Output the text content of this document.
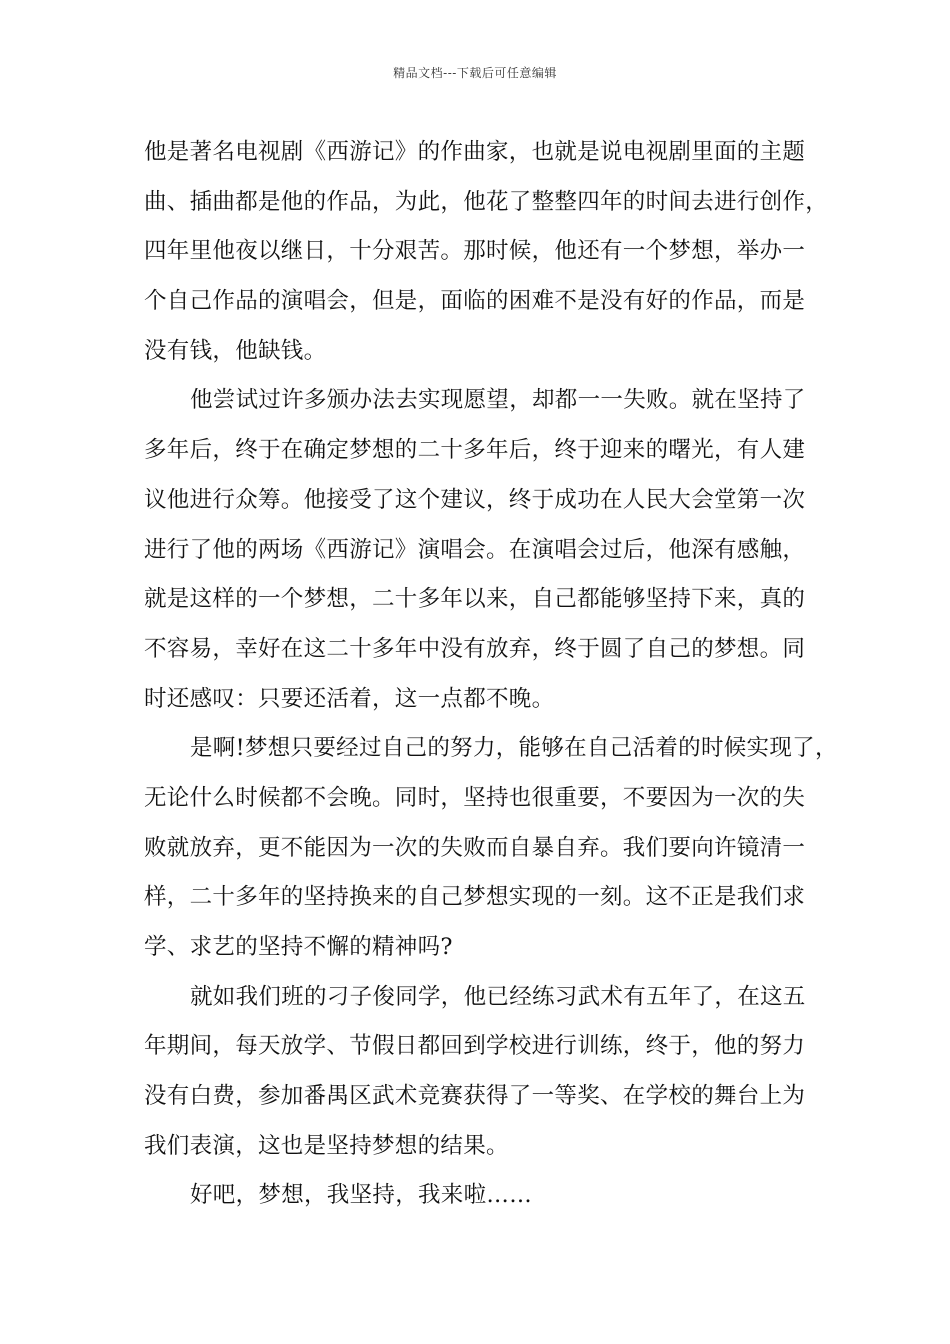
精品文档---下载后可任意编辑
他是著名电视剧《西游记》的作曲家，也就是说电视剧里面的主题
曲、插曲都是他的作品，为此，他花了整整四年的时间去进行创作，
四年里他夜以继日，十分艰苦。那时候，他还有一个梦想，举办一
个自己作品的演唱会，但是，面临的困难不是没有好的作品，而是
没有钱，他缺钱。
他尝试过许多颁办法去实现愿望，却都一一失败。就在坚持了
多年后，终于在确定梦想的二十多年后，终于迎来的曙光，有人建
议他进行众筹。他接受了这个建议，终于成功在人民大会堂第一次
进行了他的两场《西游记》演唱会。在演唱会过后，他深有感触，
就是这样的一个梦想，二十多年以来，自己都能够坚持下来，真的
不容易，幸好在这二十多年中没有放弃，终于圆了自己的梦想。同
时还感叹：只要还活着，这一点都不晚。
是啊!梦想只要经过自己的努力，能够在自己活着的时候实现了，
无论什么时候都不会晚。同时，坚持也很重要，不要因为一次的失
败就放弃，更不能因为一次的失败而自暴自弃。我们要向许镜清一
样，二十多年的坚持换来的自己梦想实现的一刻。这不正是我们求
学、求艺的坚持不懈的精神吗?
就如我们班的刁子俊同学，他已经练习武术有五年了，在这五
年期间，每天放学、节假日都回到学校进行训练，终于，他的努力
没有白费，参加番禺区武术竞赛获得了一等奖、在学校的舞台上为
我们表演，这也是坚持梦想的结果。
好吧，梦想，我坚持，我来啦……
